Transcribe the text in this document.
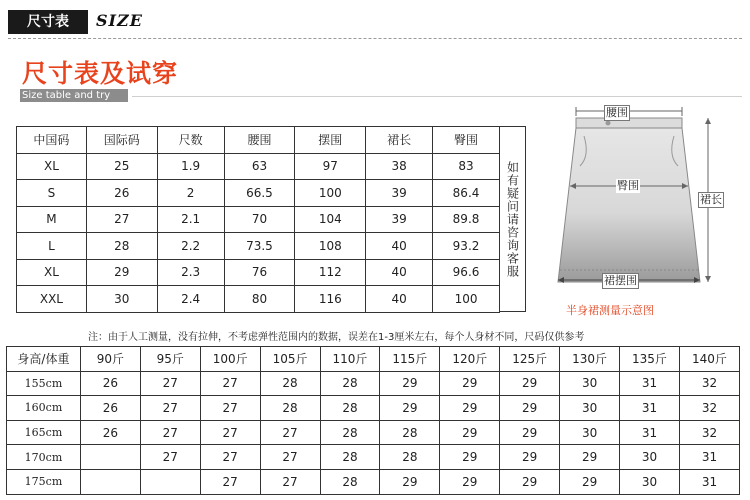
尺寸表	SIZE
尺寸表及试穿
Size table and try
中国码	国际码	尺数	腰围	摆围	裙长	臀围
XL	25	1.9	63	97	38	83
S	26	2	66.5	100	39	86.4
M	27	2.1	70	104	39	89.8
L	28	2.2	73.5	108	40	93.2
XL	29	2.3	76	112	40	96.6
XXL	30	2.4	80	116	40	100
如有疑问请咨询客服
腰围
臀围
裙长
裙摆围
半身裙测量示意图
注：由于人工测量，没有拉伸，不考虑弹性范围内的数据，误差在1-3厘米左右，每个人身材不同，尺码仅供参考
身高/体重	90斤	95斤	100斤	105斤	110斤	115斤	120斤	125斤	130斤	135斤	140斤
155cm	26	27	27	28	28	29	29	29	30	31	32
160cm	26	27	27	28	28	29	29	29	30	31	32
165cm	26	27	27	27	28	28	29	29	30	31	32
170cm		27	27	27	28	28	29	29	29	30	31
175cm			27	27	28	29	29	29	29	30	31
